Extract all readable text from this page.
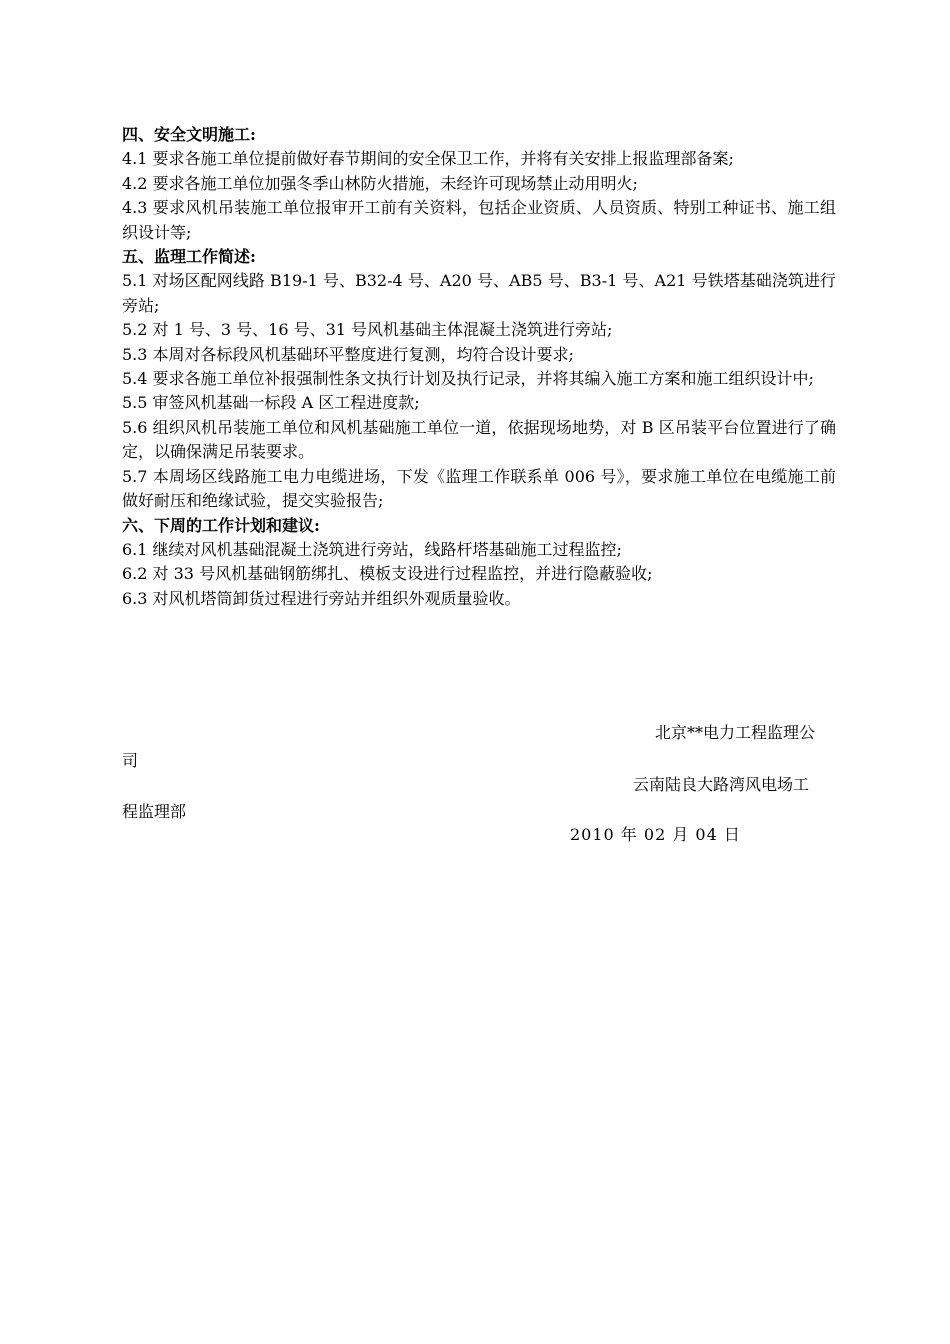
四、安全文明施工:
4.1 要求各施工单位提前做好春节期间的安全保卫工作，并将有关安排上报监理部备案;
4.2 要求各施工单位加强冬季山林防火措施，未经许可现场禁止动用明火;
4.3 要求风机吊装施工单位报审开工前有关资料，包括企业资质、人员资质、特别工种证书、施工组织设计等;
五、监理工作简述:
5.1 对场区配网线路 B19-1 号、B32-4 号、A20 号、AB5 号、B3-1 号、A21 号铁塔基础浇筑进行旁站;
5.2 对 1 号、3 号、16 号、31 号风机基础主体混凝土浇筑进行旁站;
5.3 本周对各标段风机基础环平整度进行复测，均符合设计要求;
5.4 要求各施工单位补报强制性条文执行计划及执行记录，并将其编入施工方案和施工组织设计中;
5.5 审签风机基础一标段 A 区工程进度款;
5.6 组织风机吊装施工单位和风机基础施工单位一道，依据现场地势，对 B 区吊装平台位置进行了确定，以确保满足吊装要求。
5.7 本周场区线路施工电力电缆进场，下发《监理工作联系单 006 号》，要求施工单位在电缆施工前做好耐压和绝缘试验，提交实验报告;
六、下周的工作计划和建议:
6.1 继续对风机基础混凝土浇筑进行旁站，线路杆塔基础施工过程监控;
6.2 对 33 号风机基础钢筋绑扎、模板支设进行过程监控，并进行隐蔽验收;
6.3 对风机塔筒卸货过程进行旁站并组织外观质量验收。
北京**电力工程监理公
司
云南陆良大路湾风电场工
程监理部
2010 年 02 月 04 日
